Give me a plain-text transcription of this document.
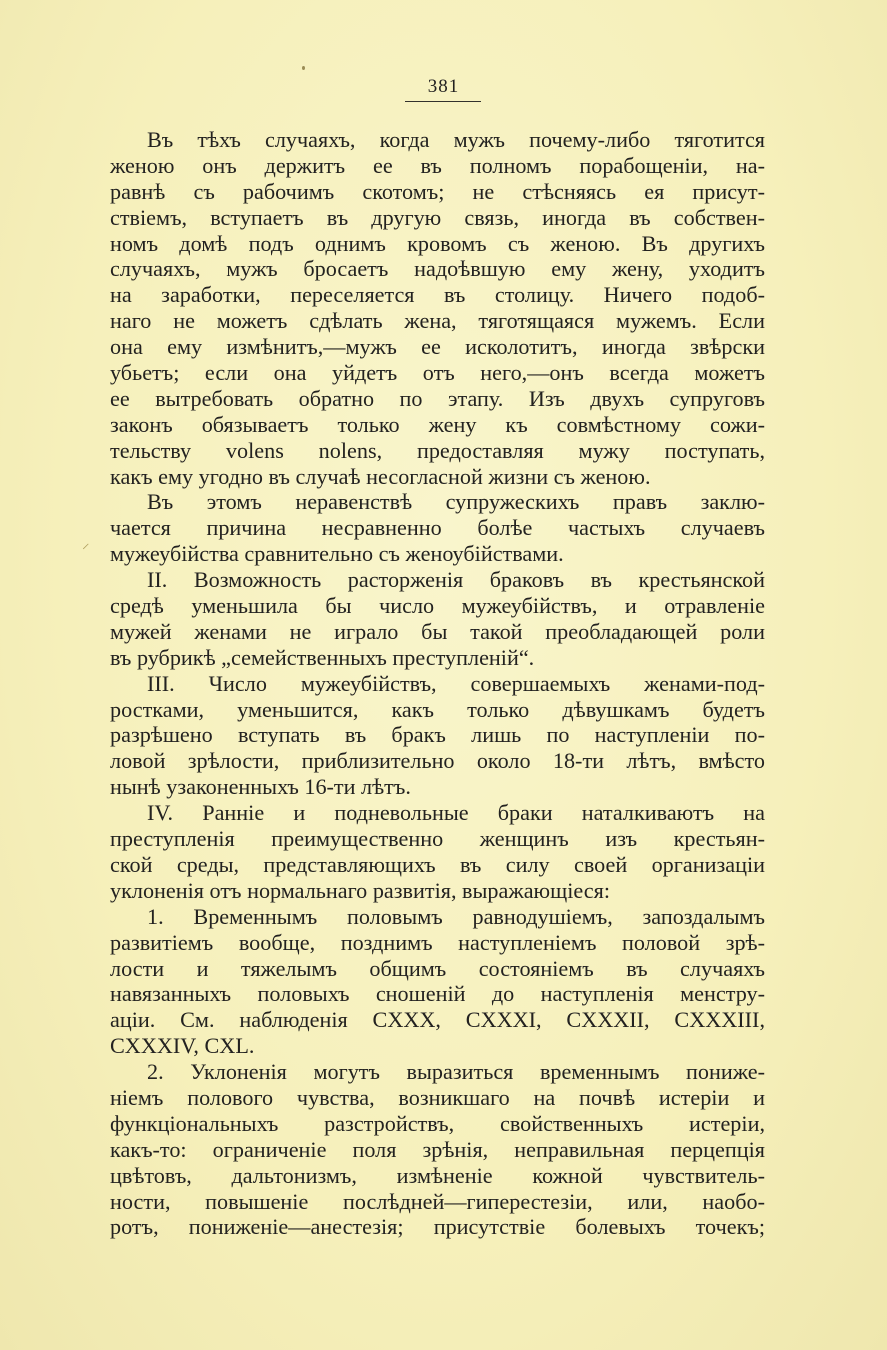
381
⸝
Въ тѣхъ случаяхъ, когда мужъ почему-либо тяготится
женою онъ держитъ ее въ полномъ порабощенiи, на-
равнѣ съ рабочимъ скотомъ; не стѣсняясь ея присут-
ствiемъ, вступаетъ въ другую связь, иногда въ собствен-
номъ домѣ подъ однимъ кровомъ съ женою. Въ другихъ
случаяхъ, мужъ бросаетъ надоѣвшую ему жену, уходитъ
на заработки, переселяется въ столицу. Ничего подоб-
наго не можетъ сдѣлать жена, тяготящаяся мужемъ. Если
она ему измѣнитъ,—мужъ ее исколотитъ, иногда звѣрски
убьетъ; если она уйдетъ отъ него,—онъ всегда можетъ
ее вытребовать обратно по этапу. Изъ двухъ супруговъ
законъ обязываетъ только жену къ совмѣстному сожи-
тельству volens nolens, предоставляя мужу поступать,
какъ ему угодно въ случаѣ несогласной жизни съ женою.
Въ этомъ неравенствѣ супружескихъ правъ заклю-
чается причина несравненно болѣе частыхъ случаевъ
мужеубiйства сравнительно съ женоубiйствами.
II. Возможность расторженiя браковъ въ крестьянской
средѣ уменьшила бы число мужеубiйствъ, и отравленiе
мужей женами не играло бы такой преобладающей роли
въ рубрикѣ „семейственныхъ преступленiй“.
III. Число мужеубiйствъ, совершаемыхъ женами-под-
ростками, уменьшится, какъ только дѣвушкамъ будетъ
разрѣшено вступать въ бракъ лишь по наступленiи по-
ловой зрѣлости, приблизительно около 18-ти лѣтъ, вмѣсто
нынѣ узаконенныхъ 16-ти лѣтъ.
IV. Раннiе и подневольные браки наталкиваютъ на
преступленiя преимущественно женщинъ изъ крестьян-
ской среды, представляющихъ въ силу своей организацiи
уклоненiя отъ нормальнаго развитiя, выражающiеся:
1. Временнымъ половымъ равнодушiемъ, запоздалымъ
развитiемъ вообще, позднимъ наступленiемъ половой зрѣ-
лости и тяжелымъ общимъ состоянiемъ въ случаяхъ
навязанныхъ половыхъ сношенiй до наступленiя менстру-
ацiи. См. наблюденiя CXXX, CXXXI, CXXXII, CXXXIII,
CXXXIV, CXL.
2. Уклоненiя могутъ выразиться временнымъ пониже-
нiемъ полового чувства, возникшаго на почвѣ истерiи и
функцiональныхъ разстройствъ, свойственныхъ истерiи,
какъ-то: ограниченiе поля зрѣнiя, неправильная перцепцiя
цвѣтовъ, дальтонизмъ, измѣненiе кожной чувствитель-
ности, повышенiе послѣдней—гиперестезiи, или, наобо-
ротъ, пониженiе—анестезiя; присутствiе болевыхъ точекъ;
